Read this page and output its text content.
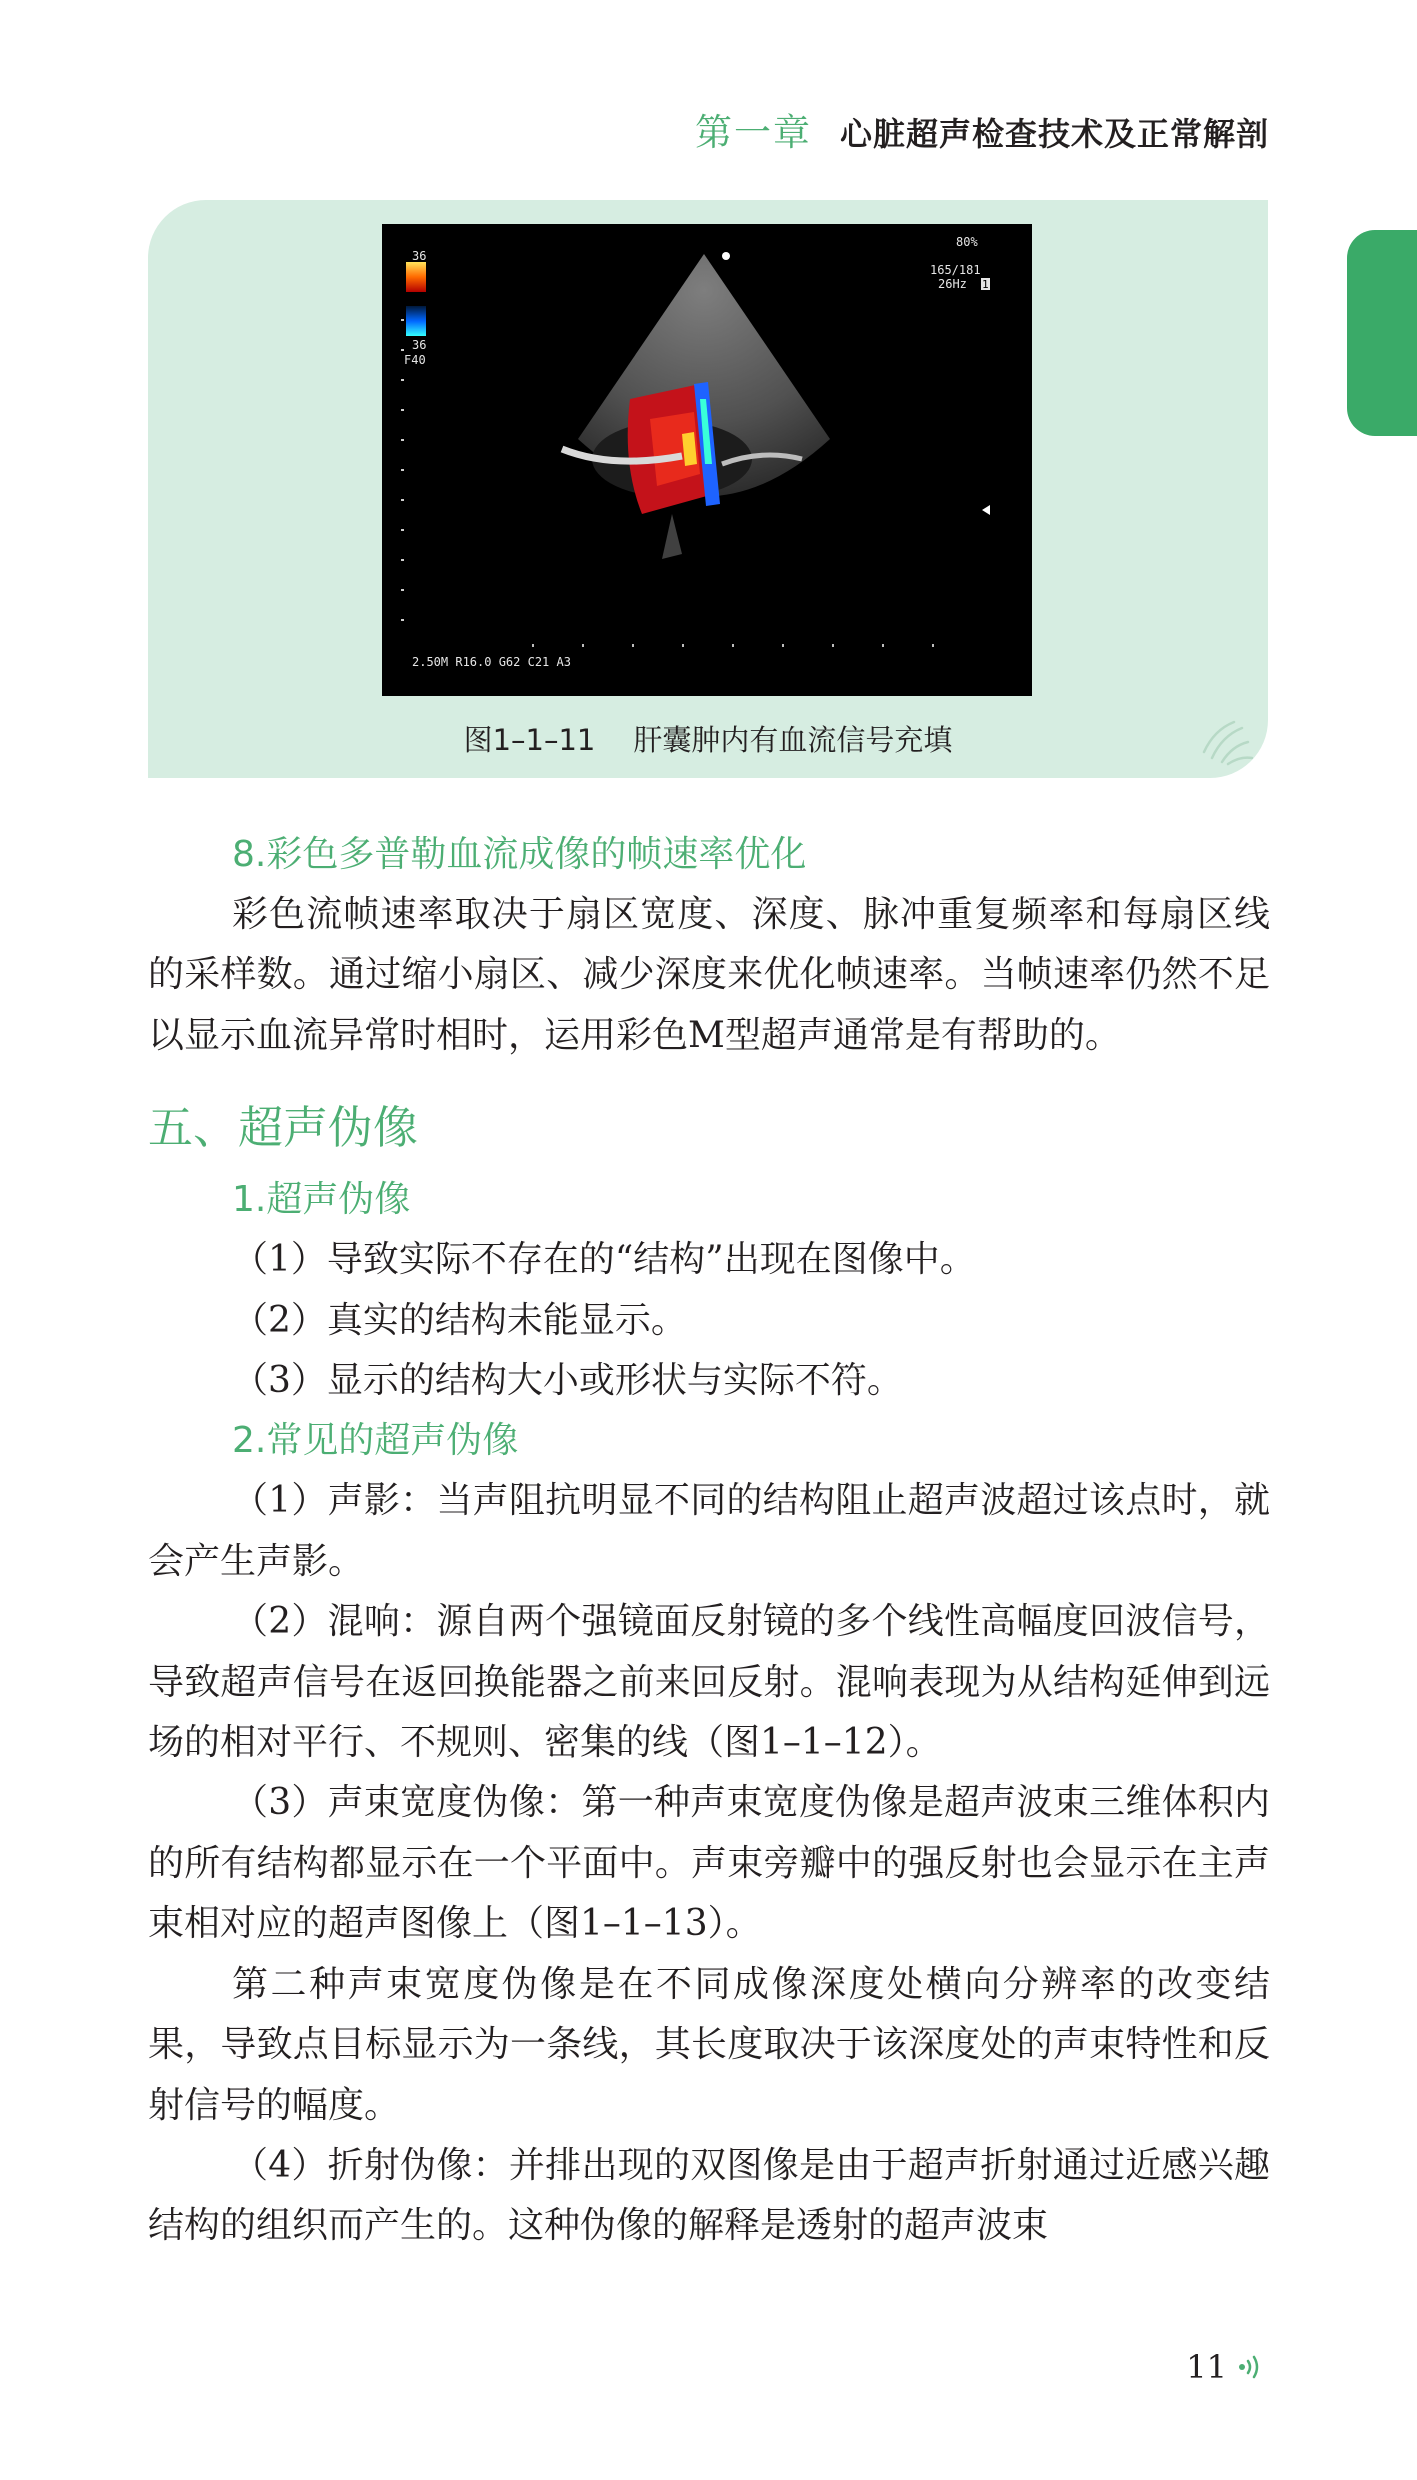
第一章 心脏超声检查技术及正常解剖
36
36
F40
80%
165/181
26Hz 1
2.50M R16.0 G62 C21 A3
图1–1–11 肝囊肿内有血流信号充填
8.彩色多普勒血流成像的帧速率优化

彩色流帧速率取决于扇区宽度、深度、脉冲重复频率和每扇区线的采样数。通过缩小扇区、减少深度来优化帧速率。当帧速率仍然不足以显示血流异常时相时，运用彩色M型超声通常是有帮助的。

五、超声伪像
1.超声伪像

（1）导致实际不存在的“结构”出现在图像中。

（2）真实的结构未能显示。

（3）显示的结构大小或形状与实际不符。

2.常见的超声伪像

（1）声影：当声阻抗明显不同的结构阻止超声波超过该点时，就会产生声影。

（2）混响：源自两个强镜面反射镜的多个线性高幅度回波信号，导致超声信号在返回换能器之前来回反射。混响表现为从结构延伸到远场的相对平行、不规则、密集的线（图1–1–12）。

（3）声束宽度伪像：第一种声束宽度伪像是超声波束三维体积内的所有结构都显示在一个平面中。声束旁瓣中的强反射也会显示在主声束相对应的超声图像上（图1–1–13）。

第二种声束宽度伪像是在不同成像深度处横向分辨率的改变结果，导致点目标显示为一条线，其长度取决于该深度处的声束特性和反射信号的幅度。

（4）折射伪像：并排出现的双图像是由于超声折射通过近感兴趣结构的组织而产生的。这种伪像的解释是透射的超声波束

11
